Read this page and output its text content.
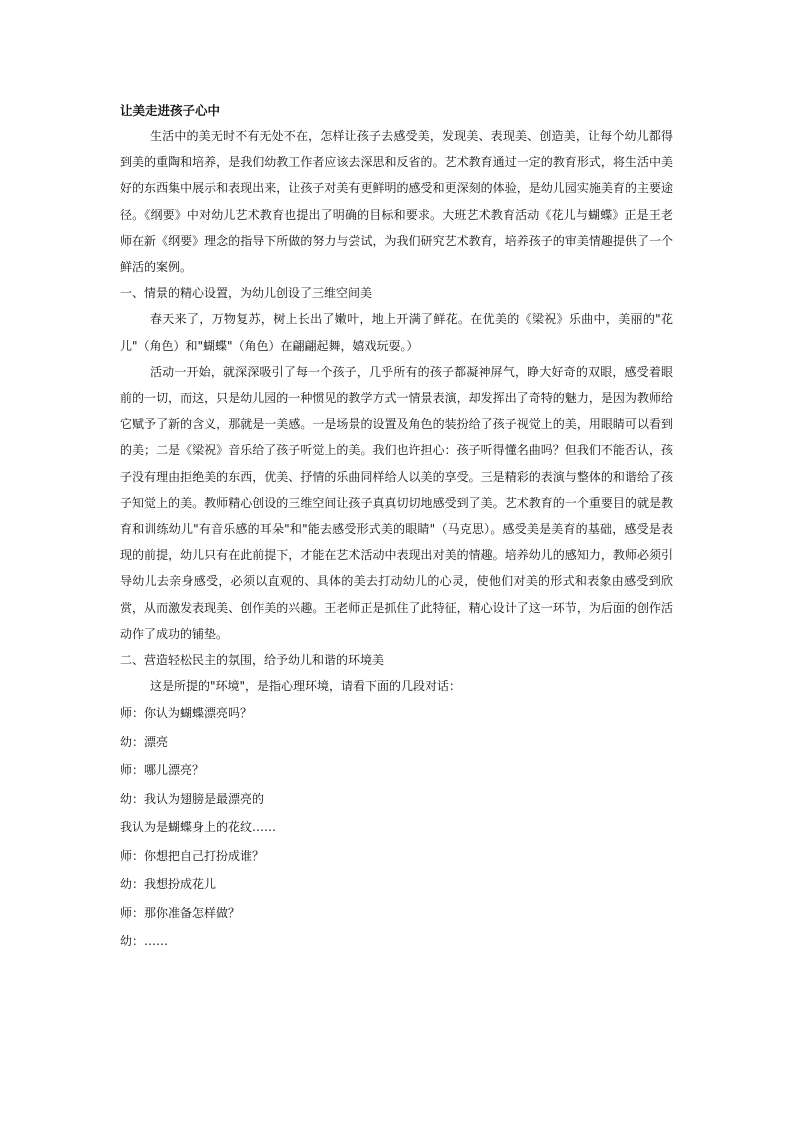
让美走进孩子心中

生活中的美无时不有无处不在，怎样让孩子去感受美，发现美、表现美、创造美，让每个幼儿都得到美的重陶和培养，是我们幼教工作者应该去深思和反省的。艺术教育通过一定的教育形式，将生活中美好的东西集中展示和表现出来，让孩子对美有更鲜明的感受和更深刻的体验，是幼儿园实施美育的主要途径。《纲要》中对幼儿艺术教育也提出了明确的目标和要求。大班艺术教育活动《花儿与蝴蝶》正是王老师在新《纲要》理念的指导下所做的努力与尝试，为我们研究艺术教育，培养孩子的审美情趣提供了一个鲜活的案例。

一、情景的精心设置，为幼儿创设了三维空间美

春天来了，万物复苏，树上长出了嫩叶，地上开满了鲜花。在优美的《梁祝》乐曲中，美丽的"花儿"（角色）和"蝴蝶"（角色）在翩翩起舞，嬉戏玩耍。）

活动一开始，就深深吸引了每一个孩子，几乎所有的孩子都凝神屏气，睁大好奇的双眼，感受着眼前的一切，而这，只是幼儿园的一种惯见的教学方式一情景表演，却发挥出了奇特的魅力，是因为教师给它赋予了新的含义，那就是一美感。一是场景的设置及角色的装扮给了孩子视觉上的美，用眼睛可以看到的美；二是《梁祝》音乐给了孩子听觉上的美。我们也许担心：孩子听得懂名曲吗？但我们不能否认，孩子没有理由拒绝美的东西，优美、抒情的乐曲同样给人以美的享受。三是精彩的表演与整体的和谐给了孩子知觉上的美。教师精心创设的三维空间让孩子真真切切地感受到了美。艺术教育的一个重要目的就是教育和训练幼儿"有音乐感的耳朵"和"能去感受形式美的眼睛"（马克思）。感受美是美育的基础，感受是表现的前提，幼儿只有在此前提下，才能在艺术活动中表现出对美的情趣。培养幼儿的感知力，教师必须引导幼儿去亲身感受，必须以直观的、具体的美去打动幼儿的心灵，使他们对美的形式和表象由感受到欣赏，从而激发表现美、创作美的兴趣。王老师正是抓住了此特征，精心设计了这一环节，为后面的创作活动作了成功的铺垫。

二、营造轻松民主的氛围，给予幼儿和谐的环境美

这是所提的"环境"，是指心理环境，请看下面的几段对话：

师：你认为蝴蝶漂亮吗？
幼：漂亮
师：哪儿漂亮？
幼：我认为翅膀是最漂亮的
我认为是蝴蝶身上的花纹……
师：你想把自己打扮成谁？
幼：我想扮成花儿
师：那你准备怎样做？
幼：……
